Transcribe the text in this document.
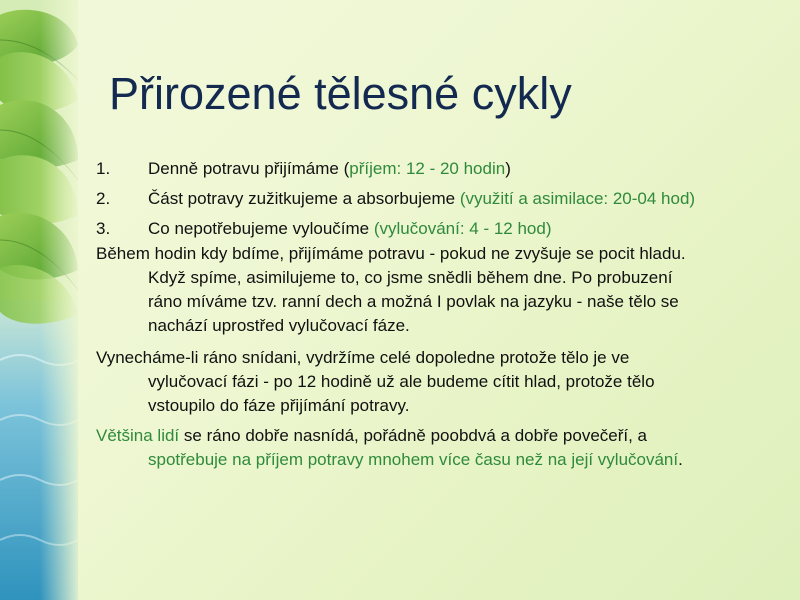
Přirozené tělesné cykly
1. Denně potravu přijímáme (příjem: 12 - 20 hodin)
2. Část potravy zužitkujeme a absorbujeme (využití a asimilace: 20-04 hod)
3. Co nepotřebujeme vyloučíme (vylučování: 4 - 12 hod)

Během hodin kdy bdíme, přijímáme potravu - pokud ne zvyšuje se pocit hladu.
Když spíme, asimilujeme to, co jsme snědli během dne. Po probuzení
ráno míváme tzv. ranní dech a možná I povlak na jazyku - naše tělo se
nachází uprostřed vylučovací fáze.

Vynecháme-li ráno snídani, vydržíme celé dopoledne protože tělo je ve
vylučovací fázi - po 12 hodině už ale budeme cítit hlad, protože tělo
vstoupilo do fáze přijímání potravy.

Většina lidí se ráno dobře nasnídá, pořádně poobdvá a dobře povečeří, a
spotřebuje na příjem potravy mnohem více času než na její vylučování.
